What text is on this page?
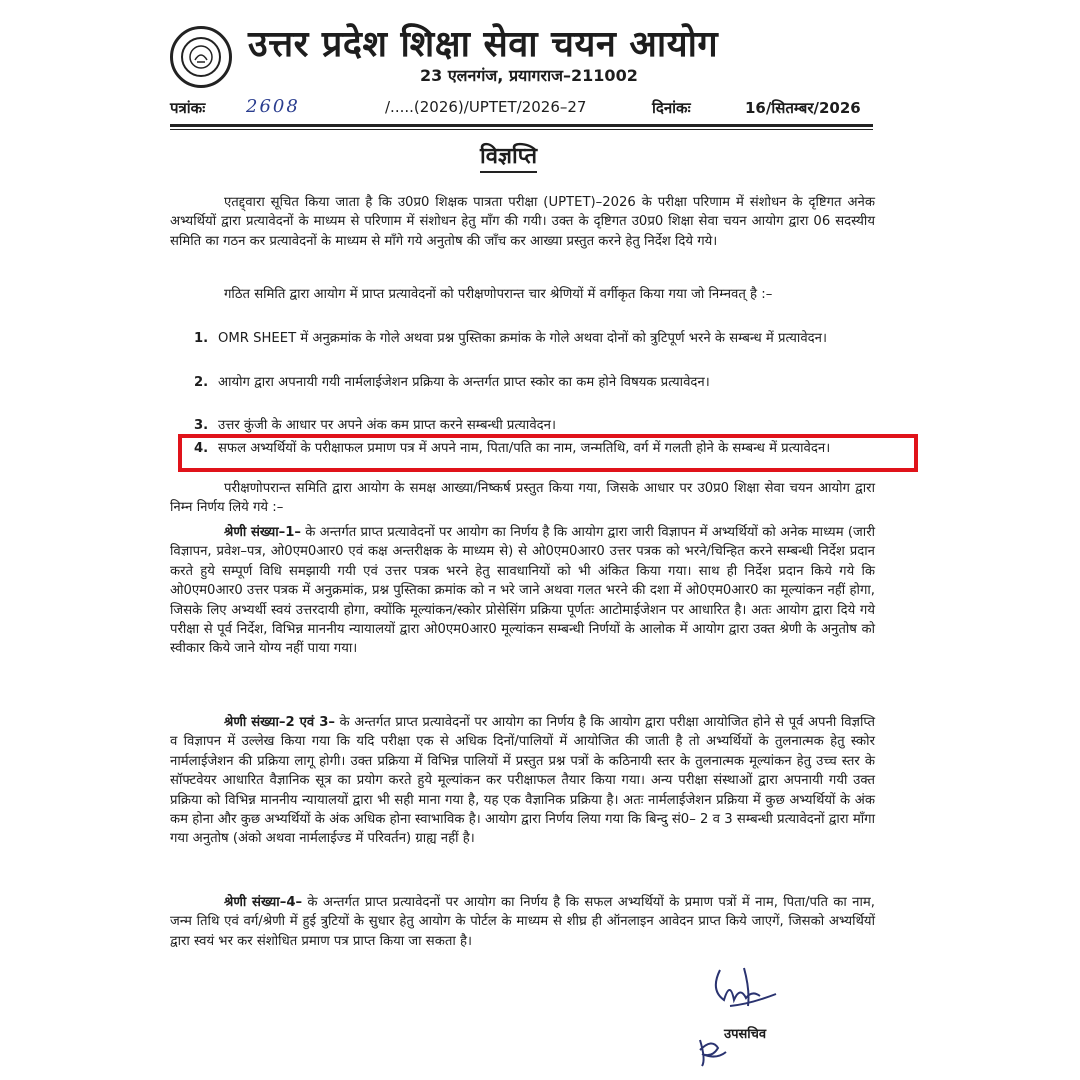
उत्तर प्रदेश शिक्षा सेवा चयन आयोग
23 एलनगंज, प्रयागराज–211002
पत्रांकः 2608	/.....(2026)/UPTET/2026–27	दिनांकः	16/सितम्बर/2026
विज्ञप्ति
एतद्द्वारा सूचित किया जाता है कि उ0प्र0 शिक्षक पात्रता परीक्षा (UPTET)–2026 के परीक्षा परिणाम में संशोधन के दृष्टिगत अनेक अभ्यर्थियों द्वारा प्रत्यावेदनों के माध्यम से परिणाम में संशोधन हेतु माँग की गयी। उक्त के दृष्टिगत उ0प्र0 शिक्षा सेवा चयन आयोग द्वारा 06 सदस्यीय समिति का गठन कर प्रत्यावेदनों के माध्यम से माँगे गये अनुतोष की जाँच कर आख्या प्रस्तुत करने हेतु निर्देश दिये गये।
गठित समिति द्वारा आयोग में प्राप्त प्रत्यावेदनों को परीक्षणोपरान्त चार श्रेणियों में वर्गीकृत किया गया जो निम्नवत् है :–
1. OMR SHEET में अनुक्रमांक के गोले अथवा प्रश्न पुस्तिका क्रमांक के गोले अथवा दोनों को त्रुटिपूर्ण भरने के सम्बन्ध में प्रत्यावेदन।
2. आयोग द्वारा अपनायी गयी नार्मलाईजेशन प्रक्रिया के अन्तर्गत प्राप्त स्कोर का कम होने विषयक प्रत्यावेदन।
3. उत्तर कुंजी के आधार पर अपने अंक कम प्राप्त करने सम्बन्धी प्रत्यावेदन।
4. सफल अभ्यर्थियों के परीक्षाफल प्रमाण पत्र में अपने नाम, पिता/पति का नाम, जन्मतिथि, वर्ग में गलती होने के सम्बन्ध में प्रत्यावेदन।
परीक्षणोपरान्त समिति द्वारा आयोग के समक्ष आख्या/निष्कर्ष प्रस्तुत किया गया, जिसके आधार पर उ0प्र0 शिक्षा सेवा चयन आयोग द्वारा निम्न निर्णय लिये गये :–
श्रेणी संख्या–1– के अन्तर्गत प्राप्त प्रत्यावेदनों पर आयोग का निर्णय है कि आयोग द्वारा जारी विज्ञापन में अभ्यर्थियों को अनेक माध्यम (जारी विज्ञापन, प्रवेश–पत्र, ओ0एम0आर0 एवं कक्ष अन्तरीक्षक के माध्यम से) से ओ0एम0आर0 उत्तर पत्रक को भरने/चिन्हित करने सम्बन्धी निर्देश प्रदान करते हुये सम्पूर्ण विधि समझायी गयी एवं उत्तर पत्रक भरने हेतु सावधानियों को भी अंकित किया गया। साथ ही निर्देश प्रदान किये गये कि ओ0एम0आर0 उत्तर पत्रक में अनुक्रमांक, प्रश्न पुस्तिका क्रमांक को न भरे जाने अथवा गलत भरने की दशा में ओ0एम0आर0 का मूल्यांकन नहीं होगा, जिसके लिए अभ्यर्थी स्वयं उत्तरदायी होगा, क्योंकि मूल्यांकन/स्कोर प्रोसेसिंग प्रक्रिया पूर्णतः आटोमाईजेशन पर आधारित है। अतः आयोग द्वारा दिये गये परीक्षा से पूर्व निर्देश, विभिन्न माननीय न्यायालयों द्वारा ओ0एम0आर0 मूल्यांकन सम्बन्धी निर्णयों के आलोक में आयोग द्वारा उक्त श्रेणी के अनुतोष को स्वीकार किये जाने योग्य नहीं पाया गया।
श्रेणी संख्या–2 एवं 3– के अन्तर्गत प्राप्त प्रत्यावेदनों पर आयोग का निर्णय है कि आयोग द्वारा परीक्षा आयोजित होने से पूर्व अपनी विज्ञप्ति व विज्ञापन में उल्लेख किया गया कि यदि परीक्षा एक से अधिक दिनों/पालियों में आयोजित की जाती है तो अभ्यर्थियों के तुलनात्मक हेतु स्कोर नार्मलाईजेशन की प्रक्रिया लागू होगी। उक्त प्रक्रिया में विभिन्न पालियों में प्रस्तुत प्रश्न पत्रों के कठिनायी स्तर के तुलनात्मक मूल्यांकन हेतु उच्च स्तर के सॉफ्टवेयर आधारित वैज्ञानिक सूत्र का प्रयोग करते हुये मूल्यांकन कर परीक्षाफल तैयार किया गया। अन्य परीक्षा संस्थाओं द्वारा अपनायी गयी उक्त प्रक्रिया को विभिन्न माननीय न्यायालयों द्वारा भी सही माना गया है, यह एक वैज्ञानिक प्रक्रिया है। अतः नार्मलाईजेशन प्रक्रिया में कुछ अभ्यर्थियों के अंक कम होना और कुछ अभ्यर्थियों के अंक अधिक होना स्वाभाविक है। आयोग द्वारा निर्णय लिया गया कि बिन्दु सं0– 2 व 3 सम्बन्धी प्रत्यावेदनों द्वारा माँगा गया अनुतोष (अंको अथवा नार्मलाईज्ड में परिवर्तन) ग्राह्य नहीं है।
श्रेणी संख्या–4– के अन्तर्गत प्राप्त प्रत्यावेदनों पर आयोग का निर्णय है कि सफल अभ्यर्थियों के प्रमाण पत्रों में नाम, पिता/पति का नाम, जन्म तिथि एवं वर्ग/श्रेणी में हुई त्रुटियों के सुधार हेतु आयोग के पोर्टल के माध्यम से शीघ्र ही ऑनलाइन आवेदन प्राप्त किये जाएगें, जिसको अभ्यर्थियों द्वारा स्वयं भर कर संशोधित प्रमाण पत्र प्राप्त किया जा सकता है।
उपसचिव
